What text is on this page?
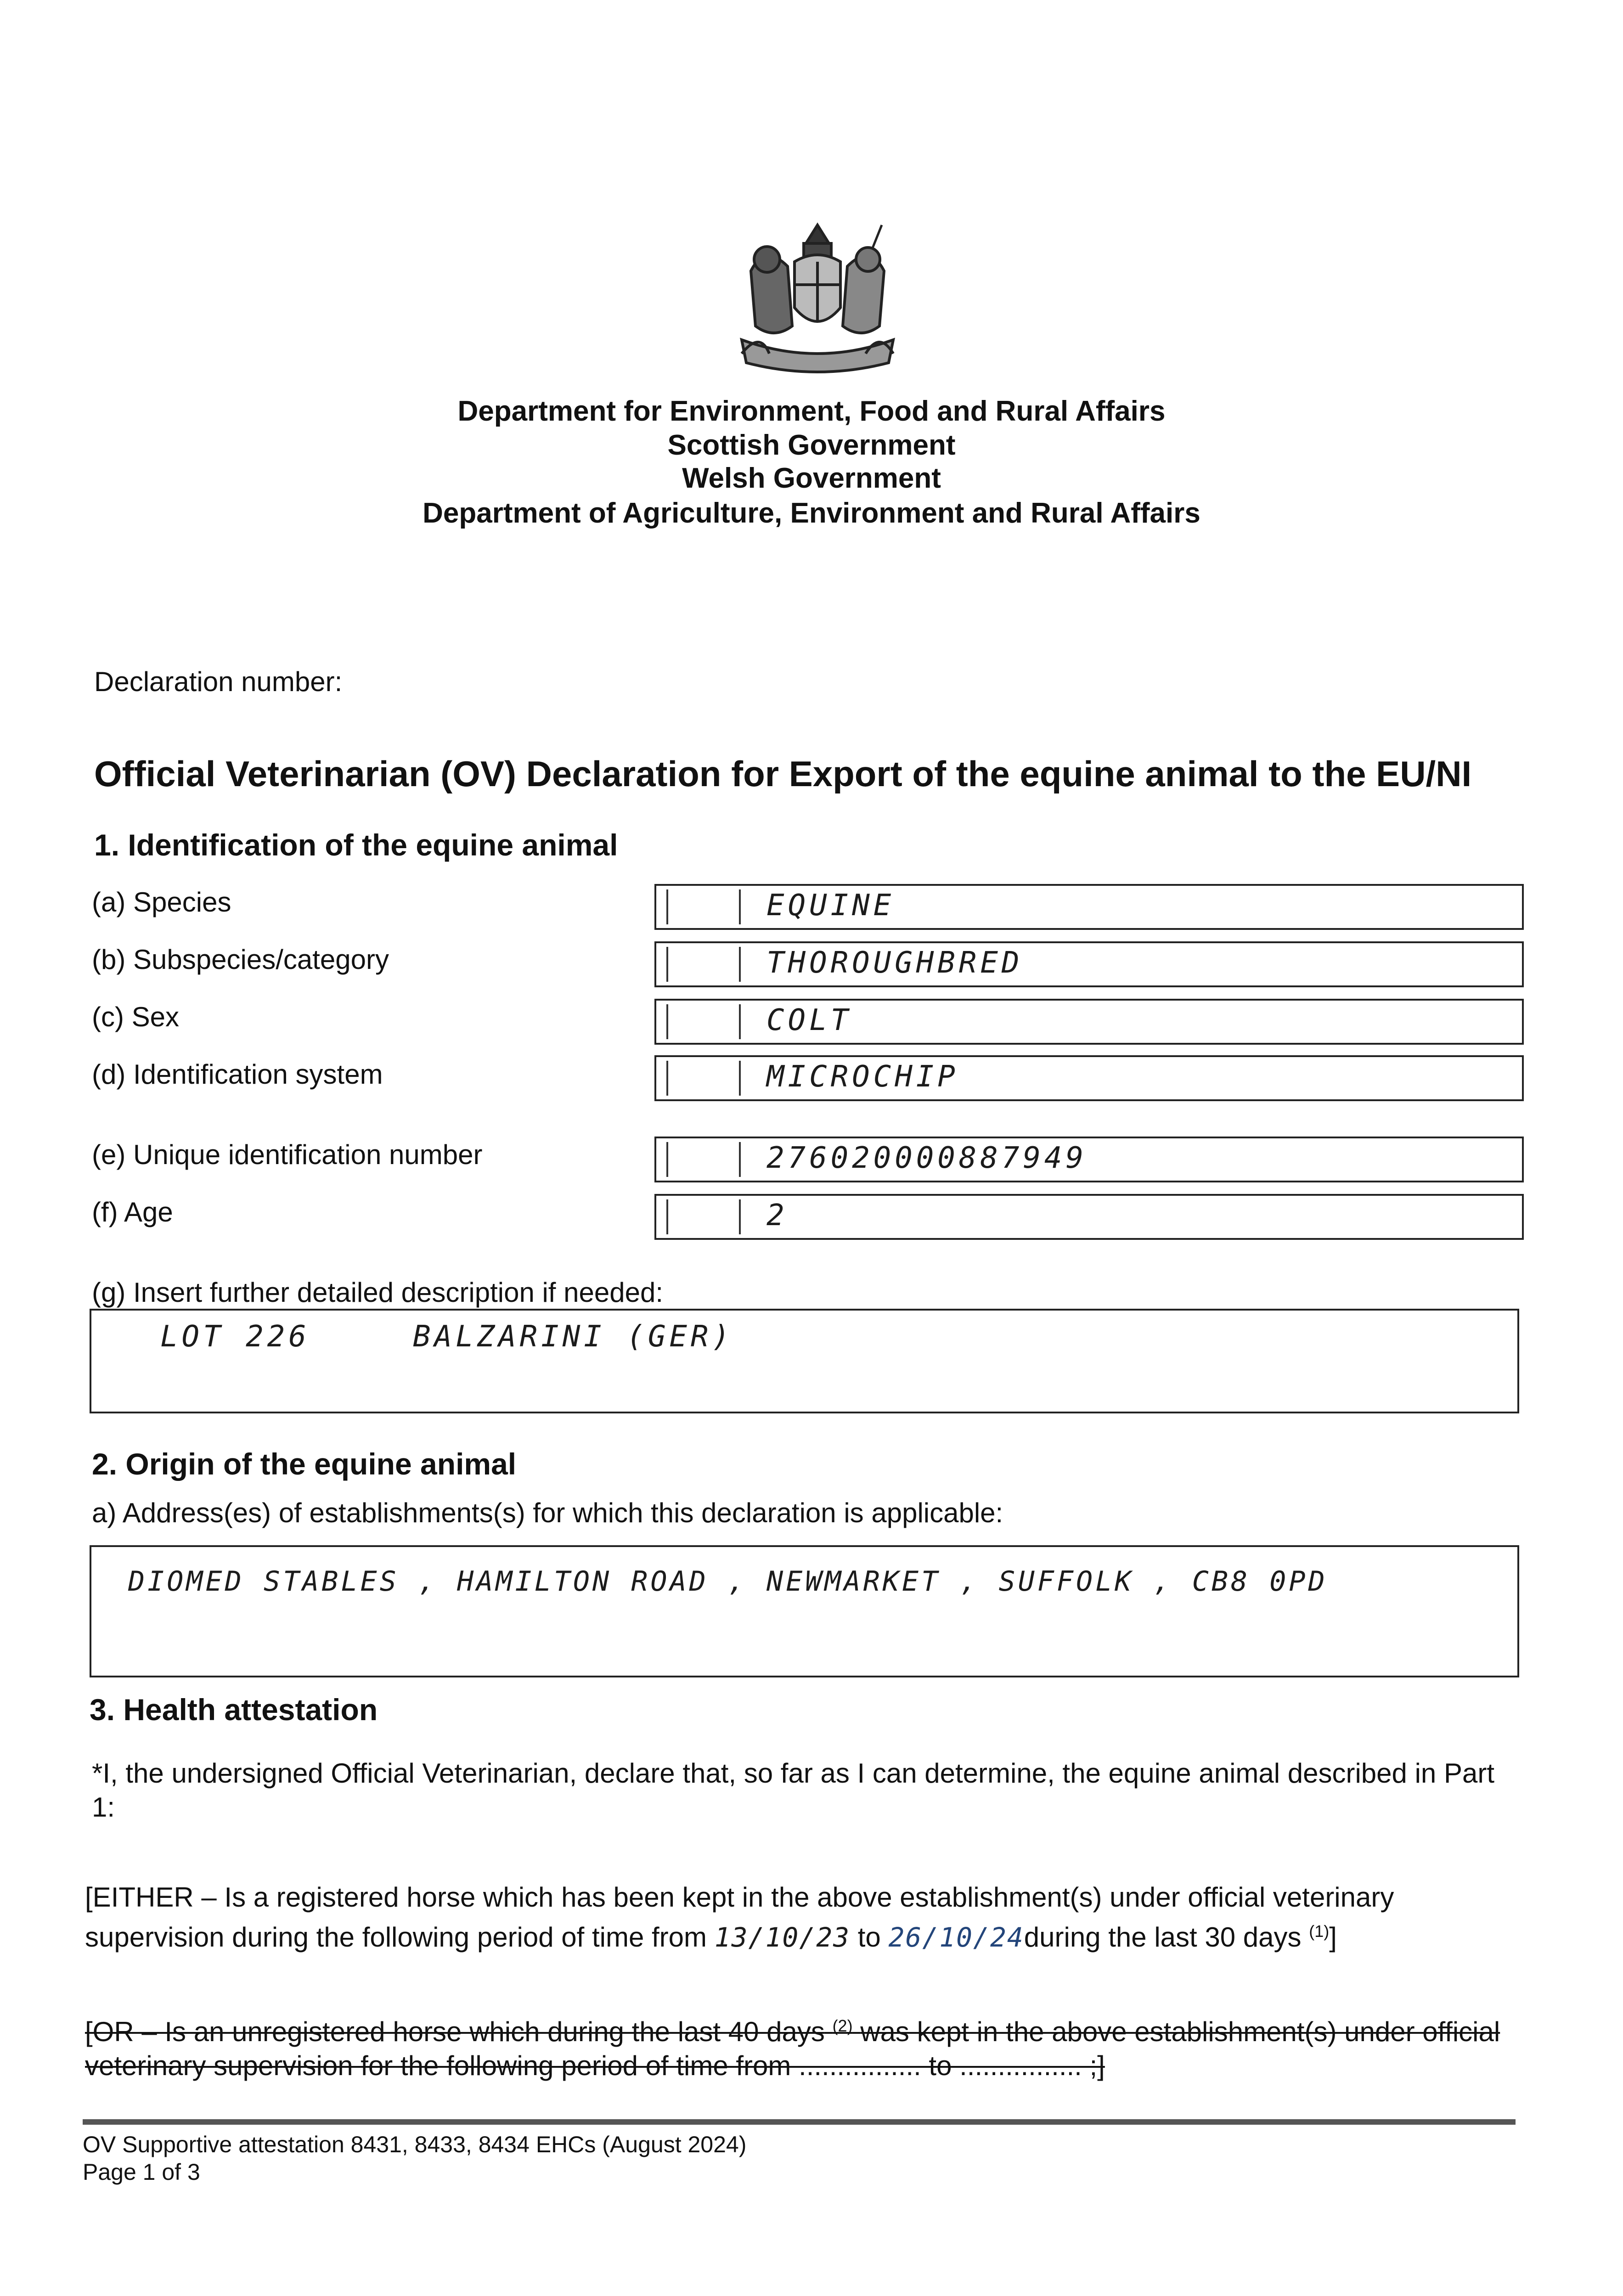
Department for Environment, Food and Rural Affairs
Scottish Government
Welsh Government
Department of Agriculture, Environment and Rural Affairs
Declaration number:
Official Veterinarian (OV) Declaration for Export of the equine animal to the EU/NI
1. Identification of the equine animal
(a) Species	EQUINE
(b) Subspecies/category	THOROUGHBRED
(c) Sex	COLT
(d) Identification system	MICROCHIP
(e) Unique identification number	276020000887949
(f) Age	2
(g) Insert further detailed description if needed:
LOT 226	BALZARINI (GER)
2. Origin of the equine animal
a) Address(es) of establishments(s) for which this declaration is applicable:
DIOMED STABLES , HAMILTON ROAD , NEWMARKET , SUFFOLK , CB8 0PD
3. Health attestation
*I, the undersigned Official Veterinarian, declare that, so far as I can determine, the equine animal described in Part
1:
[EITHER – Is a registered horse which has been kept in the above establishment(s) under official veterinary
supervision during the following period of time from 13/10/23 to 26/10/24during the last 30 days $^{(1)}$]
[OR – Is an unregistered horse which during the last 40 days $^{(2)}$ was kept in the above establishment(s) under official
veterinary supervision for the following period of time from ................ to ................ ;]
OV Supportive attestation 8431, 8433, 8434 EHCs (August 2024)
Page 1 of 3
